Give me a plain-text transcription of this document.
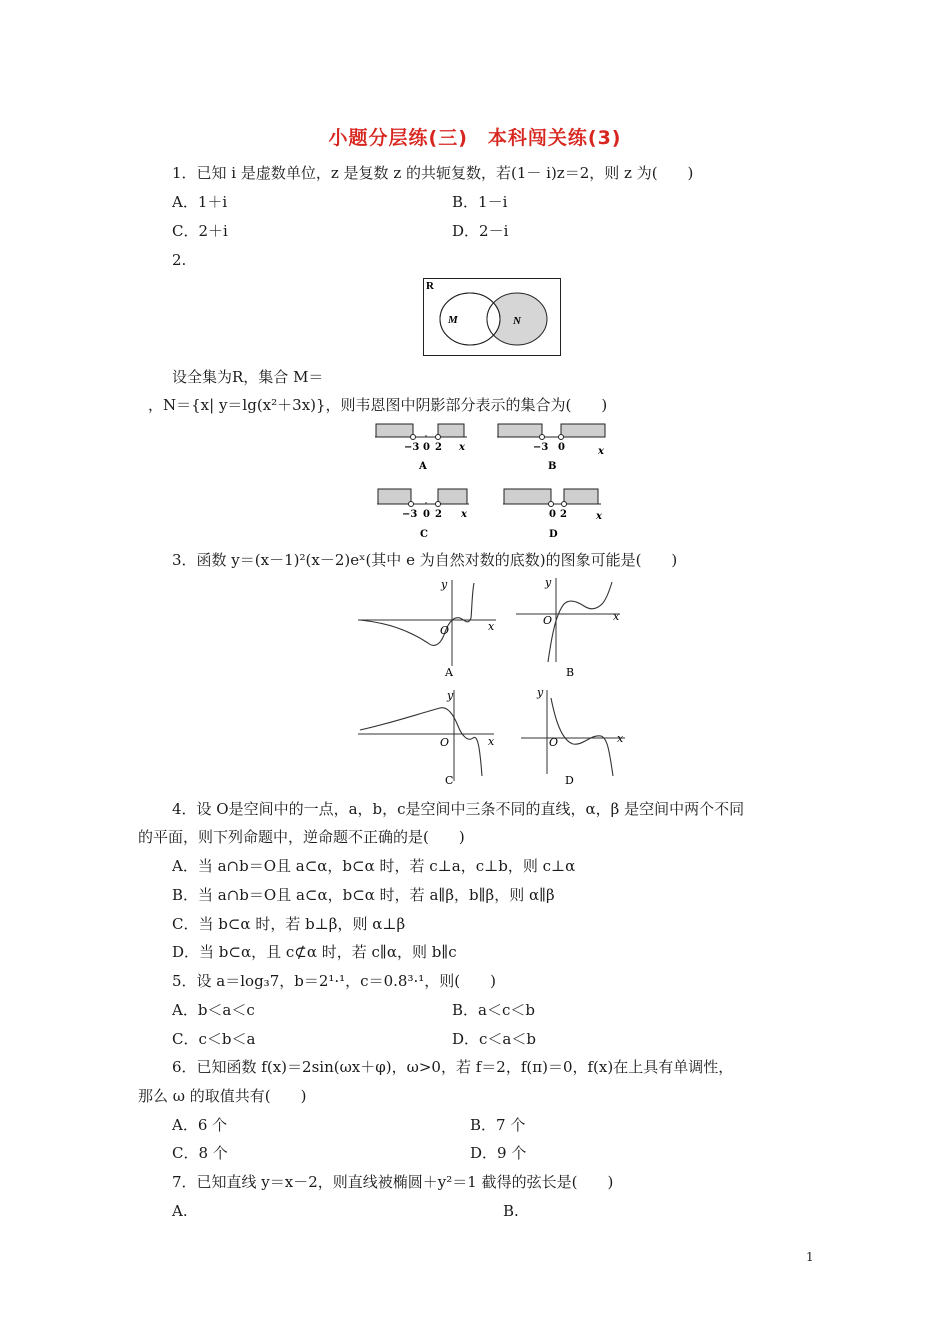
小题分层练(三)　本科闯关练(3)
1．已知 i 是虚数单位，z 是复数 z 的共轭复数，若(1－ i)z＝2，则 z 为(　　)
A．1＋i	B．1－i
C．2＋i	D．2－i
2.
R
M	N
设全集为R，集合 M＝
，N＝{x| y＝lg(x²＋3x)}，则韦恩图中阴影部分表示的集合为(　　)
−3 0 2 x
A
−3 0	x
B
−3 0 2 x
C
0 2	x
D
3．函数 y＝(x－1)²(x－2)eˣ(其中 e 为自然对数的底数)的图象可能是(　　)
O
y
x
A
O
y
x
B
O
y
x
C
O
y
x
D
4．设 O是空间中的一点，a，b，c是空间中三条不同的直线，α，β 是空间中两个不同
的平面，则下列命题中，逆命题不正确的是(　　)
A．当 a∩b＝O且 a⊂α，b⊂α 时，若 c⊥a，c⊥b，则 c⊥α
B．当 a∩b＝O且 a⊂α，b⊂α 时，若 a∥β，b∥β，则 α∥β
C．当 b⊂α 时，若 b⊥β，则 α⊥β
D．当 b⊂α，且 c⊄α 时，若 c∥α，则 b∥c
5．设 a＝log₃7，b＝2¹·¹，c＝0.8³·¹，则(　　)
A．b＜a＜c	B．a＜c＜b
C．c＜b＜a	D．c＜a＜b
6．已知函数 f(x)＝2sin(ωx＋φ)，ω>0，若 f＝2，f(π)＝0，f(x)在上具有单调性，
那么 ω 的取值共有(　　)
A．6 个	B．7 个
C．8 个	D．9 个
7．已知直线 y＝x－2，则直线被椭圆＋y²＝1 截得的弦长是(　　)
A.	B.
1
